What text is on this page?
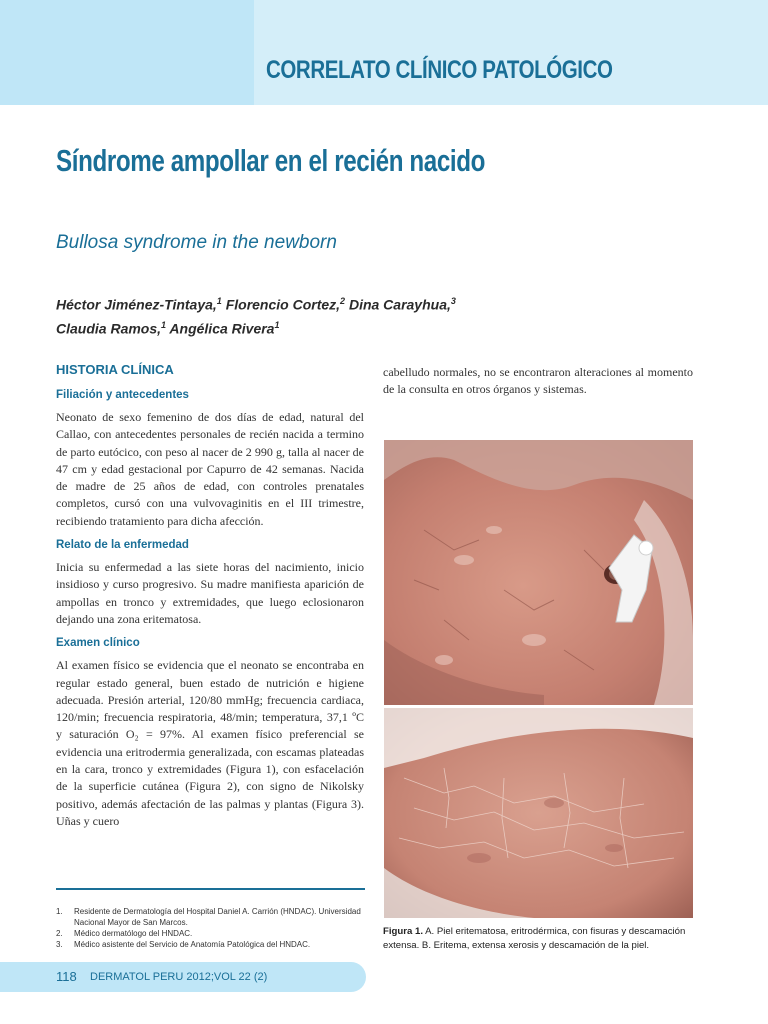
CORRELATO CLÍNICO PATOLÓGICO
Síndrome ampollar en el recién nacido
Bullosa syndrome in the newborn
Héctor Jiménez-Tintaya,$^1$ Florencio Cortez,$^2$ Dina Carayhua,$^3$
Claudia Ramos,$^1$ Angélica Rivera$^1$
HISTORIA CLÍNICA
Filiación y antecedentes

Neonato de sexo femenino de dos días de edad, natural del Callao, con antecedentes personales de recién nacida a termino de parto eutócico, con peso al nacer de 2 990 g, talla al nacer de 47 cm y edad gestacional por Capurro de 42 semanas. Nacida de madre de 25 años de edad, con controles prenatales completos, cursó con una vulvovaginitis en el III trimestre, recibiendo tratamiento para dicha afección.

Relato de la enfermedad

Inicia su enfermedad a las siete horas del nacimiento, inicio insidioso y curso progresivo. Su madre manifiesta aparición de ampollas en tronco y extremidades, que luego eclosionaron dejando una zona eritematosa.

Examen clínico

Al examen físico se evidencia que el neonato se encontraba en regular estado general, buen estado de nutrición e higiene adecuada. Presión arterial, 120/80 mmHg; frecuencia cardiaca, 120/min; frecuencia respiratoria, 48/min; temperatura, 37,1 ºC y saturación O₂ = 97%. Al examen físico preferencial se evidencia una eritrodermia generalizada, con escamas plateadas en la cara, tronco y extremidades (Figura 1), con esfacelación de la superficie cutánea (Figura 2), con signo de Nikolsky positivo, además afectación de las palmas y plantas (Figura 3). Uñas y cuero

cabelludo normales, no se encontraron alteraciones al momento de la consulta en otros órganos y sistemas.

Figura 1. A. Piel eritematosa, eritrodérmica, con fisuras y descamación extensa. B. Eritema, extensa xerosis y descamación de la piel.

1.	Residente de Dermatología del Hospital Daniel A. Carrión (HNDAC). Universidad Nacional Mayor de San Marcos.
2.	Médico dermatólogo del HNDAC.
3.	Médico asistente del Servicio de Anatomía Patológica del HNDAC.
118 DERMATOL PERU 2012;VOL 22 (2)
